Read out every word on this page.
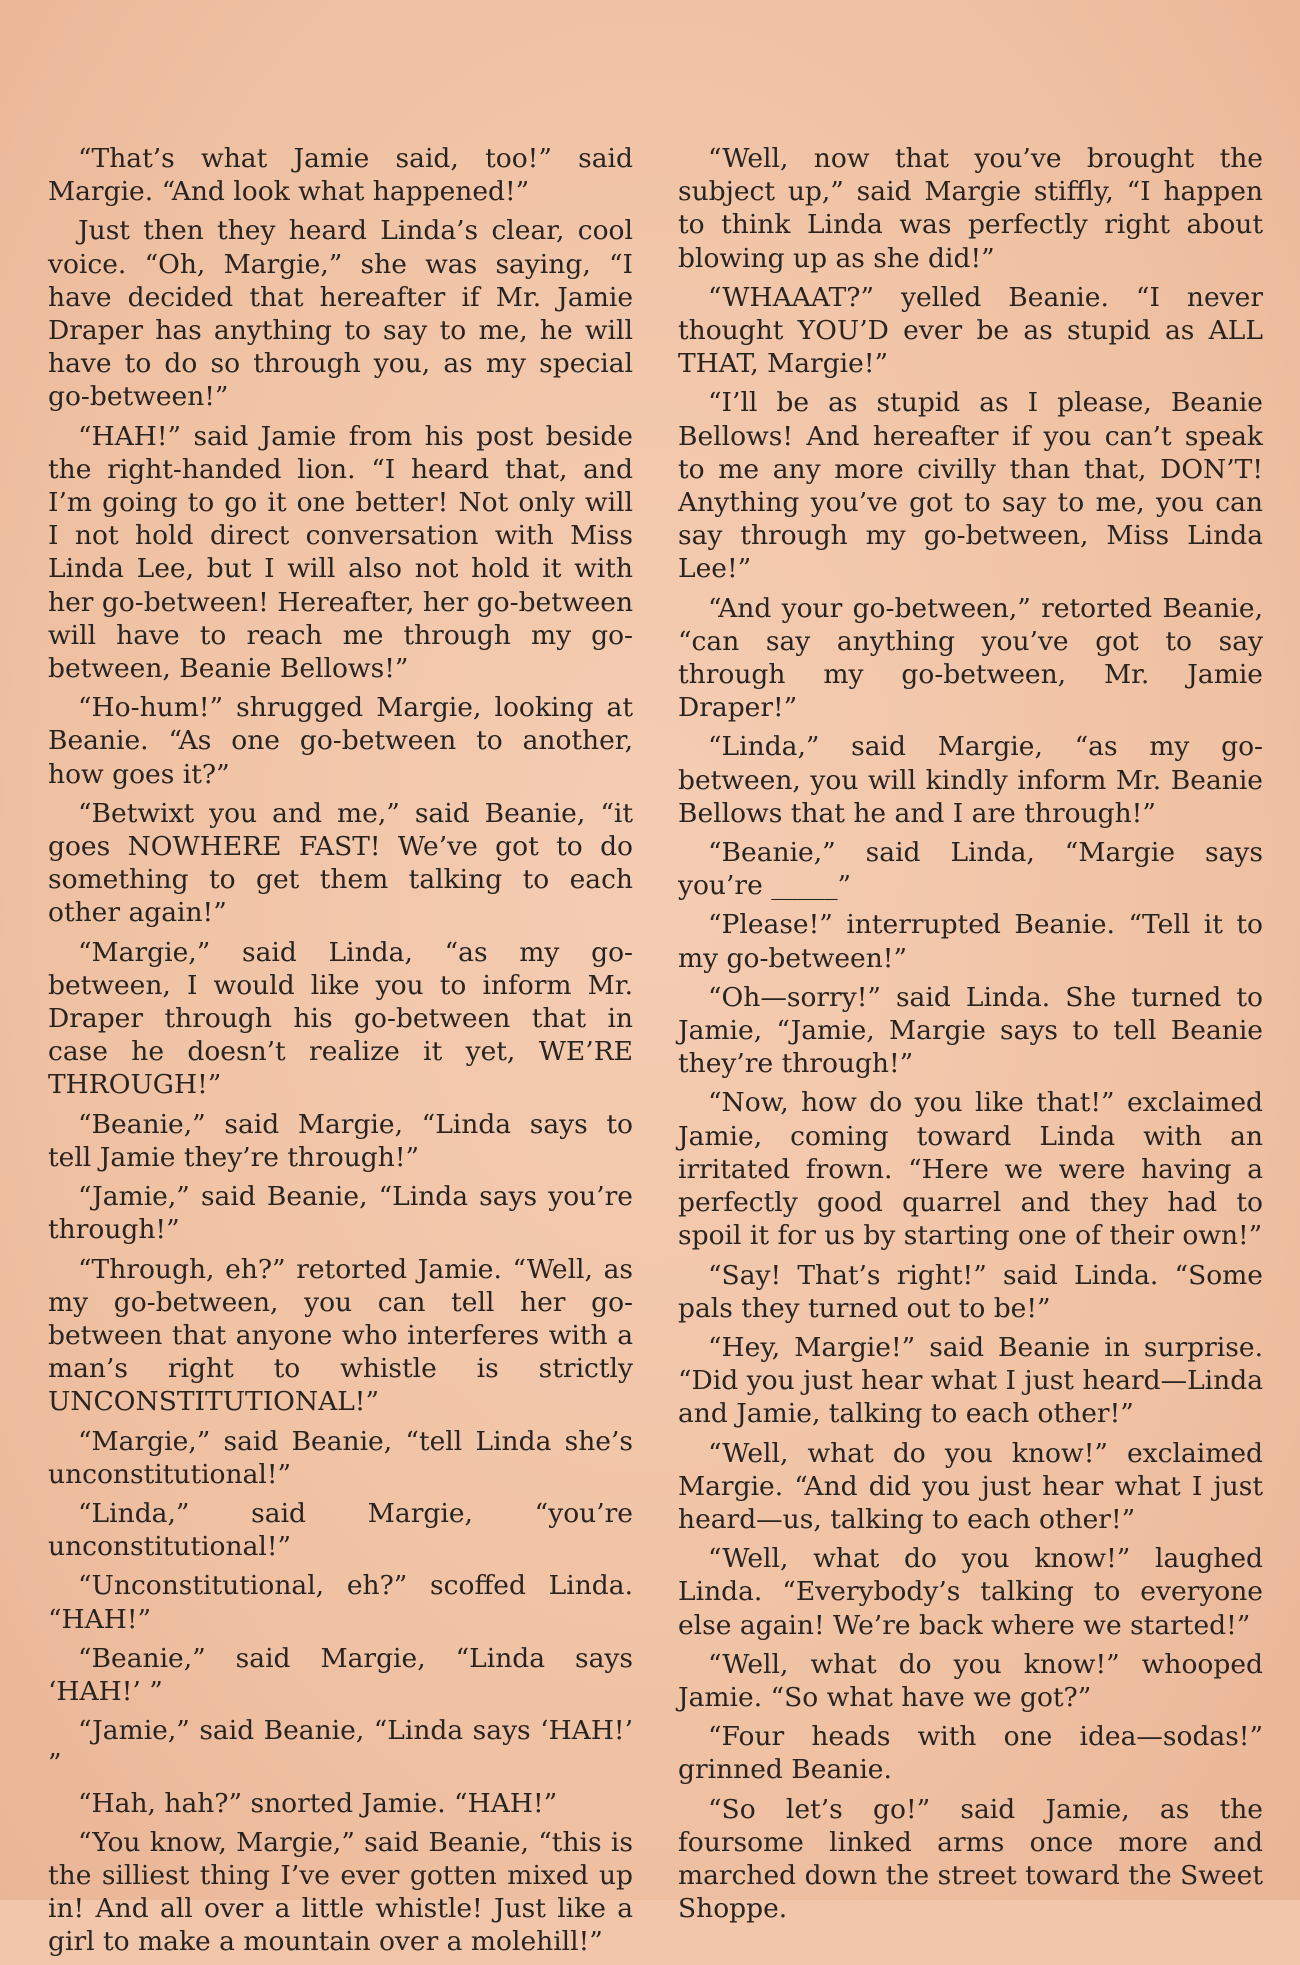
“That’s what Jamie said, too!” said Margie. “And look what happened!”

Just then they heard Linda’s clear, cool voice. “Oh, Margie,” she was saying, “I have decided that hereafter if Mr. Jamie Draper has anything to say to me, he will have to do so through you, as my special go-between!”

“HAH!” said Jamie from his post beside the right-handed lion. “I heard that, and I’m going to go it one better! Not only will I not hold direct conversation with Miss Linda Lee, but I will also not hold it with her go-between! Hereafter, her go-between will have to reach me through my go-between, Beanie Bellows!”

“Ho-hum!” shrugged Margie, looking at Beanie. “As one go-between to another, how goes it?”

“Betwixt you and me,” said Beanie, “it goes NOWHERE FAST! We’ve got to do something to get them talking to each other again!”

“Margie,” said Linda, “as my go-between, I would like you to inform Mr. Draper through his go-between that in case he doesn’t realize it yet, WE’RE THROUGH!”

“Beanie,” said Margie, “Linda says to tell Jamie they’re through!”

“Jamie,” said Beanie, “Linda says you’re through!”

“Through, eh?” retorted Jamie. “Well, as my go-between, you can tell her go-between that anyone who interferes with a man’s right to whistle is strictly UNCONSTITUTIONAL!”

“Margie,” said Beanie, “tell Linda she’s unconstitutional!”

“Linda,” said Margie, “you’re unconstitutional!”

“Unconstitutional, eh?” scoffed Linda. “HAH!”

“Beanie,” said Margie, “Linda says ‘HAH!’ ”

“Jamie,” said Beanie, “Linda says ‘HAH!’ ”

“Hah, hah?” snorted Jamie. “HAH!”

“You know, Margie,” said Beanie, “this is the silliest thing I’ve ever gotten mixed up in! And all over a little whistle! Just like a girl to make a mountain over a molehill!”

“Well, now that you’ve brought the subject up,” said Margie stiffly, “I happen to think Linda was perfectly right about blowing up as she did!”

“WHAAAT?” yelled Beanie. “I never thought YOU’D ever be as stupid as ALL THAT, Margie!”

“I’ll be as stupid as I please, Beanie Bellows! And hereafter if you can’t speak to me any more civilly than that, DON’T! Anything you’ve got to say to me, you can say through my go-between, Miss Linda Lee!”

“And your go-between,” retorted Beanie, “can say anything you’ve got to say through my go-between, Mr. Jamie Draper!”

“Linda,” said Margie, “as my go-between, you will kindly inform Mr. Beanie Bellows that he and I are through!”

“Beanie,” said Linda, “Margie says you’re _____”

“Please!” interrupted Beanie. “Tell it to my go-between!”

“Oh—sorry!” said Linda. She turned to Jamie, “Jamie, Margie says to tell Beanie they’re through!”

“Now, how do you like that!” exclaimed Jamie, coming toward Linda with an irritated frown. “Here we were having a perfectly good quarrel and they had to spoil it for us by starting one of their own!”

“Say! That’s right!” said Linda. “Some pals they turned out to be!”

“Hey, Margie!” said Beanie in surprise. “Did you just hear what I just heard—Linda and Jamie, talking to each other!”

“Well, what do you know!” exclaimed Margie. “And did you just hear what I just heard—us, talking to each other!”

“Well, what do you know!” laughed Linda. “Everybody’s talking to everyone else again! We’re back where we started!”

“Well, what do you know!” whooped Jamie. “So what have we got?”

“Four heads with one idea—sodas!” grinned Beanie.

“So let’s go!” said Jamie, as the foursome linked arms once more and marched down the street toward the Sweet Shoppe.
